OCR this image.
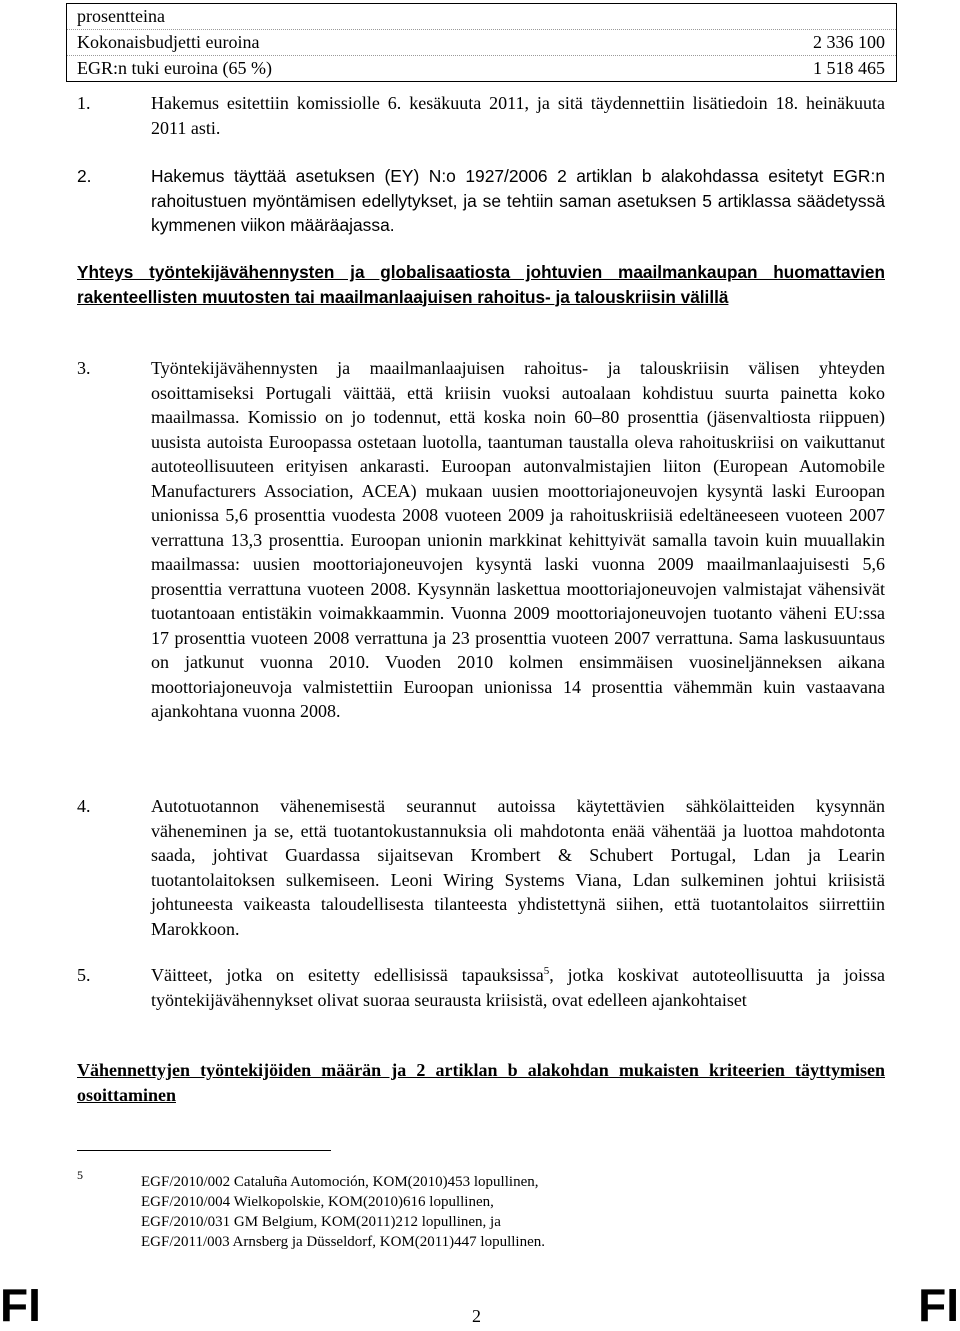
prosentteina
Kokonaisbudjetti euroina	2 336 100
EGR:n tuki euroina (65 %)	1 518 465
1.	Hakemus esitettiin komissiolle 6. kesäkuuta 2011, ja sitä täydennettiin lisätiedoin 18. heinäkuuta 2011 asti.
2.	Hakemus täyttää asetuksen (EY) N:o 1927/2006 2 artiklan b alakohdassa esitetyt EGR:n rahoitustuen myöntämisen edellytykset, ja se tehtiin saman asetuksen 5 artiklassa säädetyssä kymmenen viikon määräajassa.
Yhteys työntekijävähennysten ja globalisaatiosta johtuvien maailmankaupan huomattavien rakenteellisten muutosten tai maailmanlaajuisen rahoitus- ja talouskriisin välillä
3.	Työntekijävähennysten ja maailmanlaajuisen rahoitus- ja talouskriisin välisen yhteyden osoittamiseksi Portugali väittää, että kriisin vuoksi autoalaan kohdistuu suurta painetta koko maailmassa. Komissio on jo todennut, että koska noin 60–80 prosenttia (jäsenvaltiosta riippuen) uusista autoista Euroopassa ostetaan luotolla, taantuman taustalla oleva rahoituskriisi on vaikuttanut autoteollisuuteen erityisen ankarasti. Euroopan autonvalmistajien liiton (European Automobile Manufacturers Association, ACEA) mukaan uusien moottoriajoneuvojen kysyntä laski Euroopan unionissa 5,6 prosenttia vuodesta 2008 vuoteen 2009 ja rahoituskriisiä edeltäneeseen vuoteen 2007 verrattuna 13,3 prosenttia. Euroopan unionin markkinat kehittyivät samalla tavoin kuin muuallakin maailmassa: uusien moottoriajoneuvojen kysyntä laski vuonna 2009 maailmanlaajuisesti 5,6 prosenttia verrattuna vuoteen 2008. Kysynnän laskettua moottoriajoneuvojen valmistajat vähensivät tuotantoaan entistäkin voimakkaammin. Vuonna 2009 moottoriajoneuvojen tuotanto väheni EU:ssa 17 prosenttia vuoteen 2008 verrattuna ja 23 prosenttia vuoteen 2007 verrattuna. Sama laskusuuntaus on jatkunut vuonna 2010. Vuoden 2010 kolmen ensimmäisen vuosineljänneksen aikana moottoriajoneuvoja valmistettiin Euroopan unionissa 14 prosenttia vähemmän kuin vastaavana ajankohtana vuonna 2008.
4.	Autotuotannon vähenemisestä seurannut autoissa käytettävien sähkölaitteiden kysynnän väheneminen ja se, että tuotantokustannuksia oli mahdotonta enää vähentää ja luottoa mahdotonta saada, johtivat Guardassa sijaitsevan Krombert & Schubert Portugal, Ldan ja Learin tuotantolaitoksen sulkemiseen. Leoni Wiring Systems Viana, Ldan sulkeminen johtui kriisistä johtuneesta vaikeasta taloudellisesta tilanteesta yhdistettynä siihen, että tuotantolaitos siirrettiin Marokkoon.
5.	Väitteet, jotka on esitetty edellisissä tapauksissa$^5$, jotka koskivat autoteollisuutta ja joissa työntekijävähennykset olivat suoraa seurausta kriisistä, ovat edelleen ajankohtaiset
Vähennettyjen työntekijöiden määrän ja 2 artiklan b alakohdan mukaisten kriteerien täyttymisen osoittaminen
5	EGF/2010/002 Cataluña Automoción, KOM(2010)453 lopullinen,
EGF/2010/004 Wielkopolskie, KOM(2010)616 lopullinen,
EGF/2010/031 GM Belgium, KOM(2011)212 lopullinen, ja
EGF/2011/003 Arnsberg ja Düsseldorf, KOM(2011)447 lopullinen.
FI	2	FI
